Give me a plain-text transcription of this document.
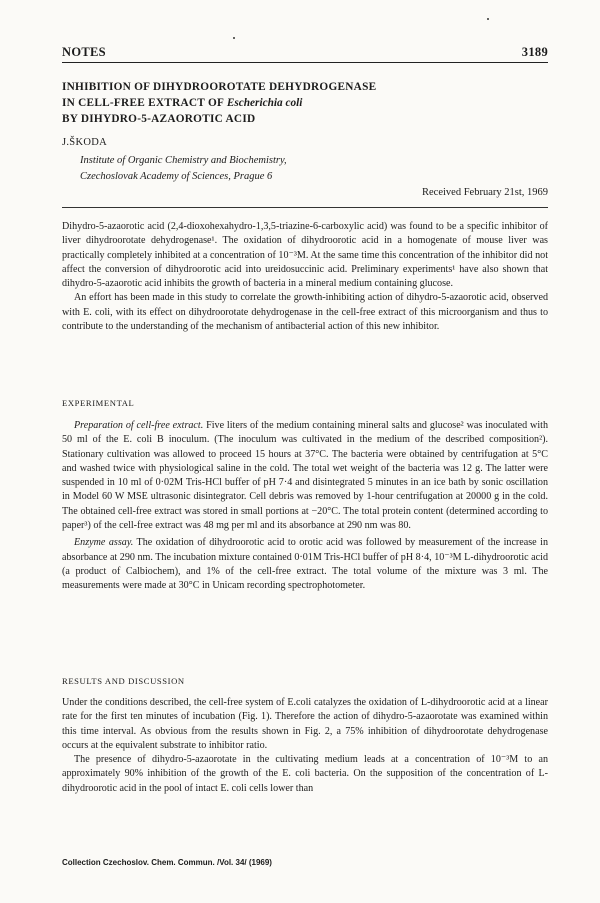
NOTES	3189
INHIBITION OF DIHYDROOROTATE DEHYDROGENASE
IN CELL-FREE EXTRACT OF Escherichia coli
BY DIHYDRO-5-AZAOROTIC ACID
J.ŠKODA
Institute of Organic Chemistry and Biochemistry,
Czechoslovak Academy of Sciences, Prague 6
Received February 21st, 1969

Dihydro-5-azaorotic acid (2,4-dioxohexahydro-1,3,5-triazine-6-carboxylic acid) was found to be a specific inhibitor of liver dihydroorotate dehydrogenase¹. The oxidation of dihydroorotic acid in a homogenate of mouse liver was practically completely inhibited at a concentration of 10⁻³M. At the same time this concentration of the inhibitor did not affect the conversion of dihydroorotic acid into ureidosuccinic acid. Preliminary experiments¹ have also shown that dihydro-5-azaorotic acid inhibits the growth of bacteria in a mineral medium containing glucose.

An effort has been made in this study to correlate the growth-inhibiting action of dihydro-5-azaorotic acid, observed with E. coli, with its effect on dihydroorotate dehydrogenase in the cell-free extract of this microorganism and thus to contribute to the understanding of the mechanism of antibacterial action of this new inhibitor.

EXPERIMENTAL

Preparation of cell-free extract. Five liters of the medium containing mineral salts and glucose² was inoculated with 50 ml of the E. coli B inoculum. (The inoculum was cultivated in the medium of the described composition²). Stationary cultivation was allowed to proceed 15 hours at 37°C. The bacteria were obtained by centrifugation at 5°C and washed twice with physiological saline in the cold. The total wet weight of the bacteria was 12 g. The latter were suspended in 10 ml of 0·02M Tris-HCl buffer of pH 7·4 and disintegrated 5 minutes in an ice bath by sonic oscillation in Model 60 W MSE ultrasonic disintegrator. Cell debris was removed by 1-hour centrifugation at 20000 g in the cold. The obtained cell-free extract was stored in small portions at −20°C. The total protein content (determined according to paper³) of the cell-free extract was 48 mg per ml and its absorbance at 290 nm was 80.

Enzyme assay. The oxidation of dihydroorotic acid to orotic acid was followed by measurement of the increase in absorbance at 290 nm. The incubation mixture contained 0·01M Tris-HCl buffer of pH 8·4, 10⁻³M L-dihydroorotic acid (a product of Calbiochem), and 1% of the cell-free extract. The total volume of the mixture was 3 ml. The measurements were made at 30°C in Unicam recording spectrophotometer.

RESULTS AND DISCUSSION

Under the conditions described, the cell-free system of E.coli catalyzes the oxidation of L-dihydroorotic acid at a linear rate for the first ten minutes of incubation (Fig. 1). Therefore the action of dihydro-5-azaorotate was examined within this time interval. As obvious from the results shown in Fig. 2, a 75% inhibition of dihydroorotate dehydrogenase occurs at the equivalent substrate to inhibitor ratio.

The presence of dihydro-5-azaorotate in the cultivating medium leads at a concentration of 10⁻³M to an approximately 90% inhibition of the growth of the E. coli bacteria. On the supposition of the concentration of L-dihydroorotic acid in the pool of intact E. coli cells lower than

Collection Czechoslov. Chem. Commun. /Vol. 34/ (1969)
